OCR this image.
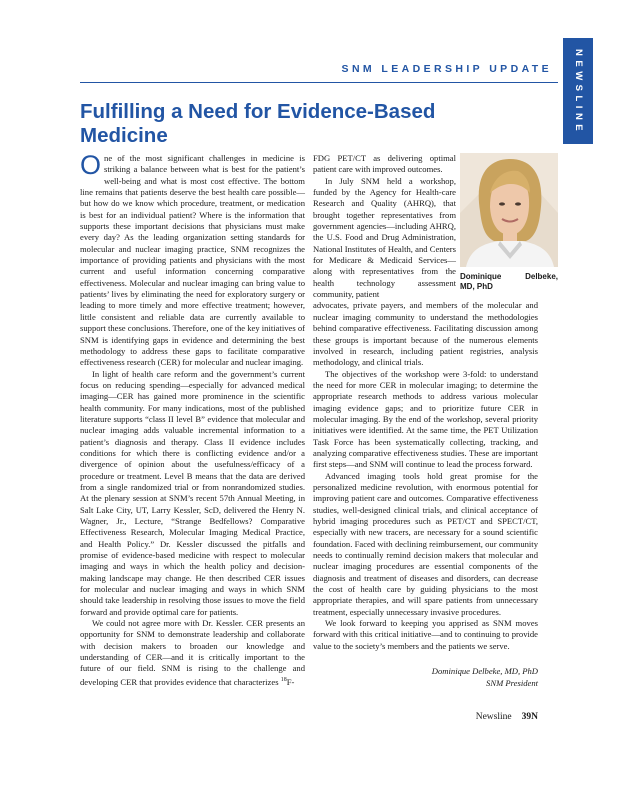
NEWSLINE
SNM LEADERSHIP UPDATE
Fulfilling a Need for Evidence-Based Medicine
Dominique Delbeke,
MD, PhD

One of the most significant challenges in medicine is striking a balance between what is best for the patient’s well-being and what is most cost effective. The bottom line remains that patients deserve the best health care possible—but how do we know which procedure, treatment, or medication is best for an individual patient? Where is the information that supports these important decisions that physicians must make every day? As the leading organization setting standards for molecular and nuclear imaging practice, SNM recognizes the importance of providing patients and physicians with the most current and useful information concerning comparative effectiveness. Molecular and nuclear imaging can bring value to patients’ lives by eliminating the need for exploratory surgery or leading to more timely and more effective treatment; however, little consistent and reliable data are currently available to support these conclusions. Therefore, one of the key initiatives of SNM is identifying gaps in evidence and determining the best methodology to address these gaps to facilitate comparative effectiveness research (CER) for molecular and nuclear imaging.

In light of health care reform and the government’s current focus on reducing spending—especially for advanced medical imaging—CER has gained more prominence in the scientific health community. For many indications, most of the published literature supports “class II level B” evidence that molecular and nuclear imaging adds valuable incremental information to a patient’s diagnosis and therapy. Class II evidence includes conditions for which there is conflicting evidence and/or a divergence of opinion about the usefulness/efficacy of a procedure or treatment. Level B means that the data are derived from a single randomized trial or from nonrandomized studies. At the plenary session at SNM’s recent 57th Annual Meeting, in Salt Lake City, UT, Larry Kessler, ScD, delivered the Henry N. Wagner, Jr., Lecture, “Strange Bedfellows? Comparative Effectiveness Research, Molecular Imaging Medical Practice, and Health Policy.” Dr. Kessler discussed the pitfalls and promise of evidence-based medicine with respect to molecular imaging and ways in which the health policy and decision-making landscape may change. He then described CER issues for molecular and nuclear imaging and ways in which SNM should take leadership in resolving those issues to move the field forward and provide optimal care for patients.

We could not agree more with Dr. Kessler. CER presents an opportunity for SNM to demonstrate leadership and collaborate with decision makers to broaden our knowledge and understanding of CER—and it is critically important to the future of our field. SNM is rising to the challenge and developing CER that provides evidence that characterizes $^{18}$F-

FDG PET/CT as delivering optimal patient care with improved outcomes.

In July SNM held a workshop, funded by the Agency for Health-care Research and Quality (AHRQ), that brought together representatives from government agencies—including AHRQ, the U.S. Food and Drug Administration, National Institutes of Health, and Centers for Medicare & Medicaid Services—along with representatives from the health technology assessment community, patient

advocates, private payers, and members of the molecular and nuclear imaging community to understand the methodologies behind comparative effectiveness. Facilitating discussion among these groups is important because of the numerous elements involved in research, including patient registries, analysis methodology, and clinical trials.

The objectives of the workshop were 3-fold: to understand the need for more CER in molecular imaging; to determine the appropriate research methods to address various molecular imaging evidence gaps; and to prioritize future CER in molecular imaging. By the end of the workshop, several priority initiatives were identified. At the same time, the PET Utilization Task Force has been systematically collecting, tracking, and analyzing comparative effectiveness studies. These are important first steps—and SNM will continue to lead the process forward.

Advanced imaging tools hold great promise for the personalized medicine revolution, with enormous potential for improving patient care and outcomes. Comparative effectiveness studies, well-designed clinical trials, and clinical acceptance of hybrid imaging procedures such as PET/CT and SPECT/CT, especially with new tracers, are necessary for a sound scientific foundation. Faced with declining reimbursement, our community needs to continually remind decision makers that molecular and nuclear imaging procedures are essential components of the diagnosis and treatment of diseases and disorders, can decrease the cost of health care by guiding physicians to the most appropriate therapies, and will spare patients from unnecessary treatment, especially unnecessary invasive procedures.

We look forward to keeping you apprised as SNM moves forward with this critical initiative—and to continuing to provide value to the society’s members and the patients we serve.

Dominique Delbeke, MD, PhD
SNM President
Newsline 39N
